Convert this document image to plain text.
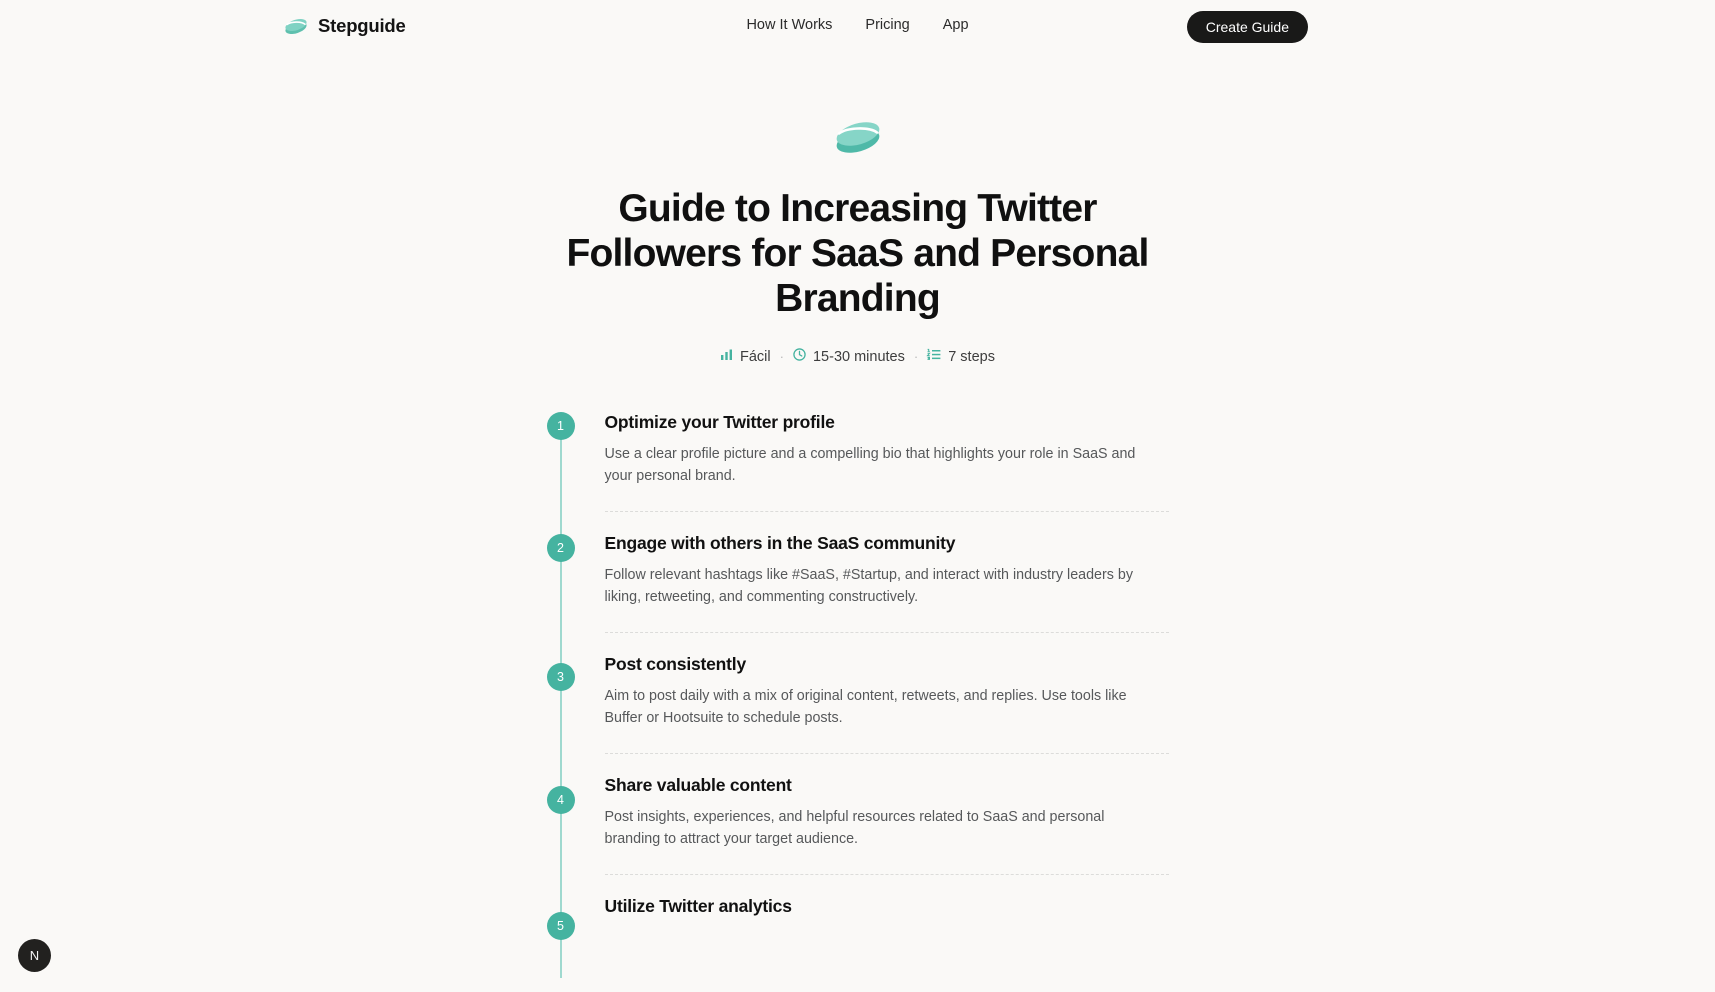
Stepguide	How It Works Pricing App	Create Guide
Guide to Increasing Twitter Followers for SaaS and Personal Branding
Fácil · 15-30 minutes · 7 steps
1	Optimize your Twitter profile
Use a clear profile picture and a compelling bio that highlights your role in SaaS and your personal brand.
2	Engage with others in the SaaS community
Follow relevant hashtags like #SaaS, #Startup, and interact with industry leaders by liking, retweeting, and commenting constructively.
3
Post consistently
Aim to post daily with a mix of original content, retweets, and replies. Use tools like Buffer or Hootsuite to schedule posts.
4
Share valuable content
Post insights, experiences, and helpful resources related to SaaS and personal branding to attract your target audience.
5
Utilize Twitter analytics
N
